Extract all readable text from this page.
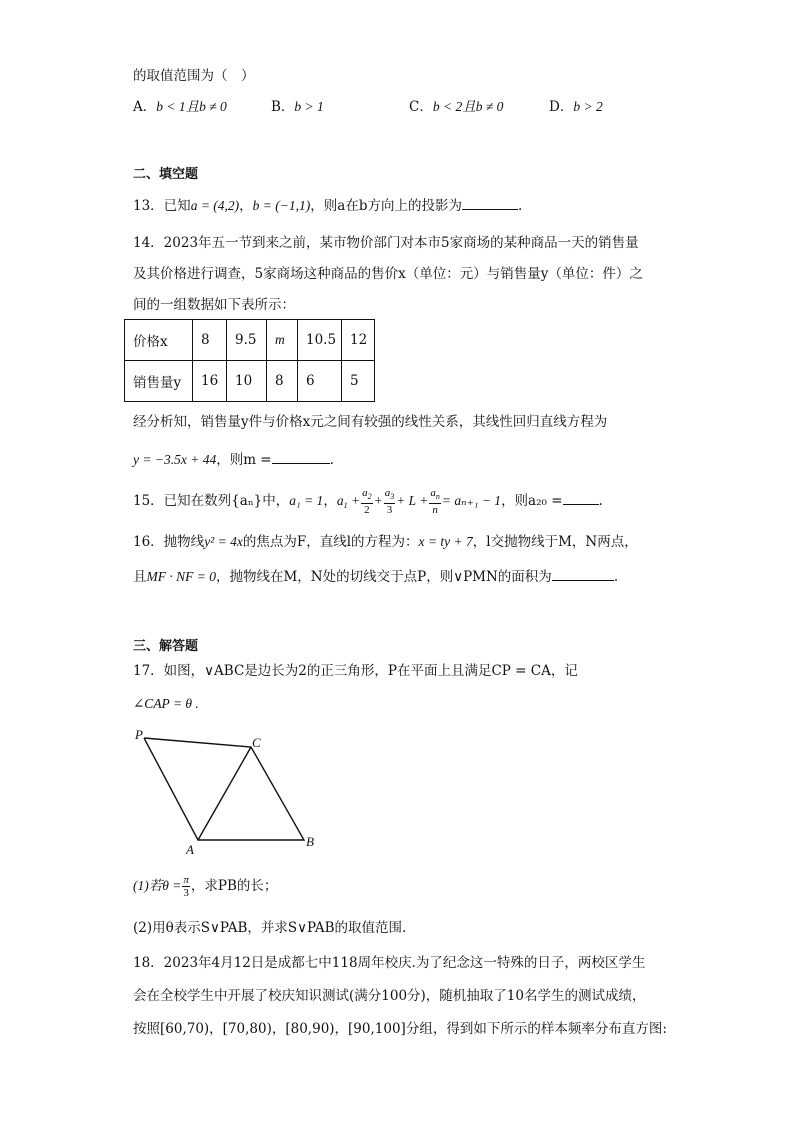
的取值范围为（　）
A．b < 1且b ≠ 0	B．b > 1	C．b < 2且b ≠ 0	D．b > 2
二、填空题
13．已知a = (4,2)，b = (−1,1)，则a在b方向上的投影为	.
14．2023年五一节到来之前，某市物价部门对本市5家商场的某种商品一天的销售量
及其价格进行调查，5家商场这种商品的售价x（单位：元）与销售量y（单位：件）之
间的一组数据如下表所示：
价格x	8	9.5	m	10.5	12
销售量y	16	10	8	6	5
经分析知，销售量y件与价格x元之间有较强的线性关系，其线性回归直线方程为
y = −3.5x + 44，则m =	.
15．已知在数列{aₙ}中，a₁ = 1，$a_1 + \frac{a_2}{2} + \frac{a_3}{3} + L + \frac{a_n}{n} = a_{n+1} - 1$，则a₂₀ =	.
16．抛物线y² = 4x的焦点为F，直线l的方程为：x = ty + 7，l交抛物线于M，N两点，
且MF · NF = 0，抛物线在M，N处的切线交于点P，则∨PMN的面积为	.
三、解答题
17．如图，∨ABC是边长为2的正三角形，P在平面上且满足CP = CA，记
∠CAP = θ .
P
C
A
B
(1)若$\theta = \frac{\pi}{3}$ ，求PB的长；
(2)用θ表示S∨PAB，并求S∨PAB的取值范围.
18．2023年4月12日是成都七中118周年校庆.为了纪念这一特殊的日子，两校区学生
会在全校学生中开展了校庆知识测试(满分100分)，随机抽取了10名学生的测试成绩，
按照[60,70)，[70,80)，[80,90)，[90,100]分组，得到如下所示的样本频率分布直方图:
